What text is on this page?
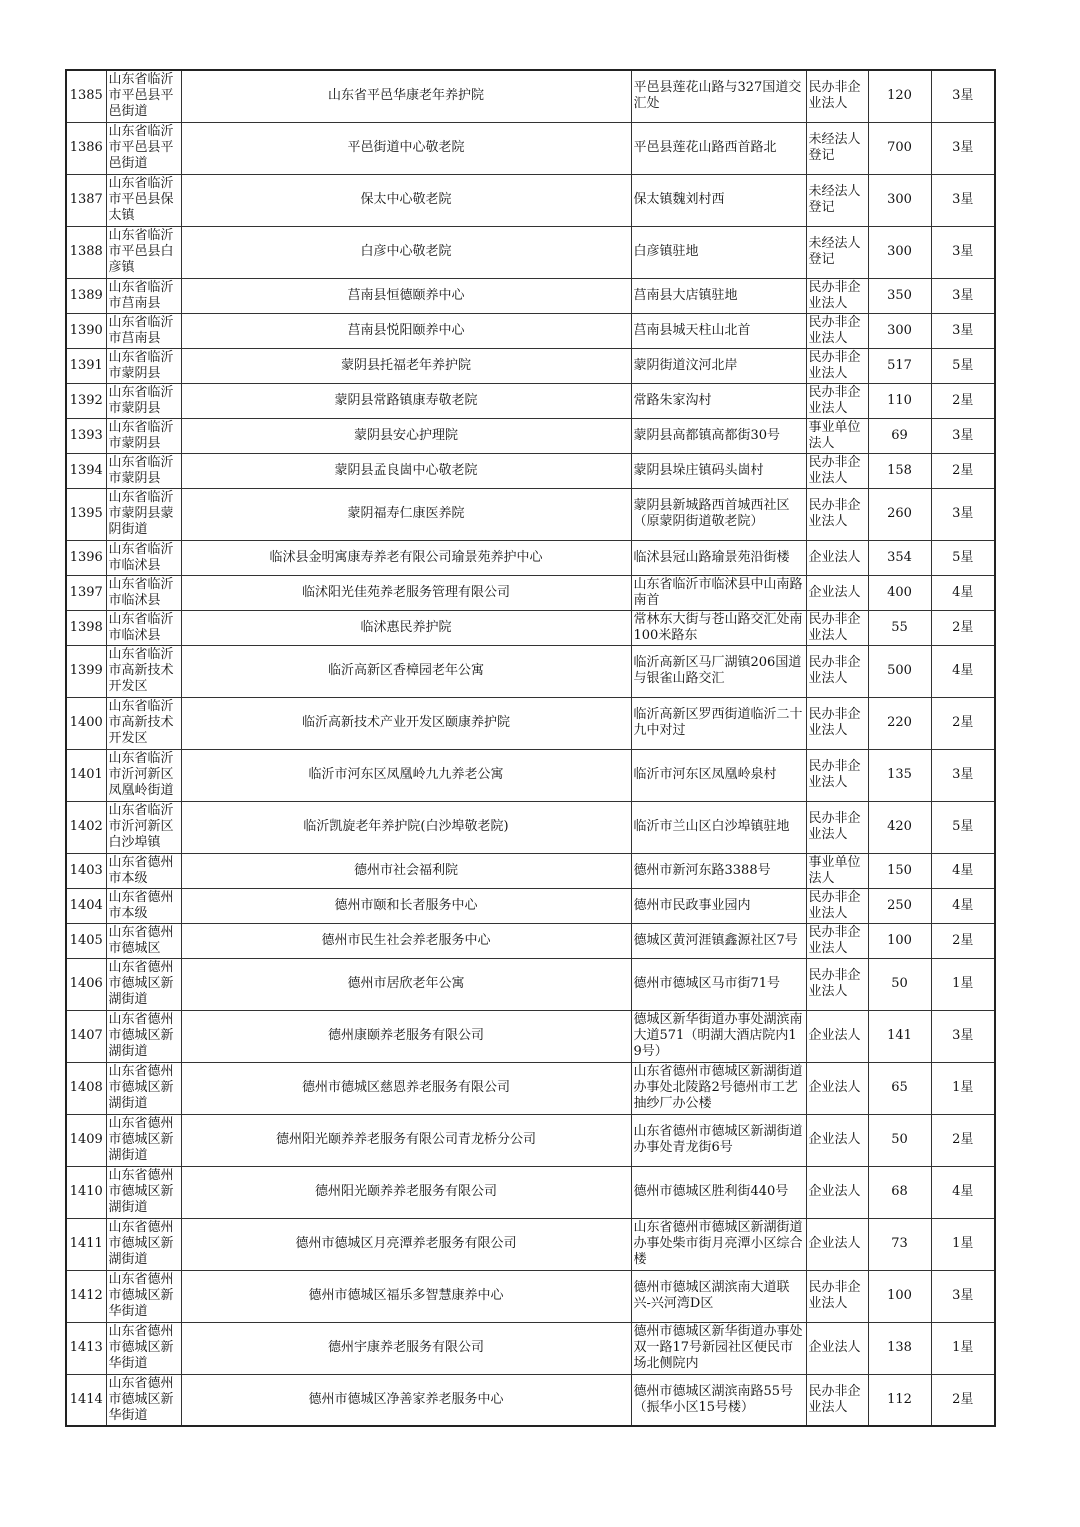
1385	山东省临沂市平邑县平邑街道	山东省平邑华康老年养护院	平邑县莲花山路与327国道交汇处	民办非企业法人	120	3星
1386	山东省临沂市平邑县平邑街道	平邑街道中心敬老院	平邑县莲花山路西首路北	未经法人登记	700	3星
1387	山东省临沂市平邑县保太镇	保太中心敬老院	保太镇魏刘村西	未经法人登记	300	3星
1388	山东省临沂市平邑县白彦镇	白彦中心敬老院	白彦镇驻地	未经法人登记	300	3星
1389	山东省临沂市莒南县	莒南县恒德颐养中心	莒南县大店镇驻地	民办非企业法人	350	3星
1390	山东省临沂市莒南县	莒南县悦阳颐养中心	莒南县城天柱山北首	民办非企业法人	300	3星
1391	山东省临沂市蒙阴县	蒙阴县托福老年养护院	蒙阴街道汶河北岸	民办非企业法人	517	5星
1392	山东省临沂市蒙阴县	蒙阴县常路镇康寿敬老院	常路朱家沟村	民办非企业法人	110	2星
1393	山东省临沂市蒙阴县	蒙阴县安心护理院	蒙阴县高都镇高都街30号	事业单位法人	69	3星
1394	山东省临沂市蒙阴县	蒙阴县孟良崮中心敬老院	蒙阴县垛庄镇码头崮村	民办非企业法人	158	2星
1395	山东省临沂市蒙阴县蒙阴街道	蒙阴福寿仁康医养院	蒙阴县新城路西首城西社区（原蒙阴街道敬老院）	民办非企业法人	260	3星
1396	山东省临沂市临沭县	临沭县金明寓康寿养老有限公司瑜景苑养护中心	临沭县冠山路瑜景苑沿街楼	企业法人	354	5星
1397	山东省临沂市临沭县	临沭阳光佳苑养老服务管理有限公司	山东省临沂市临沭县中山南路南首	企业法人	400	4星
1398	山东省临沂市临沭县	临沭惠民养护院	常林东大街与苍山路交汇处南100米路东	民办非企业法人	55	2星
1399	山东省临沂市高新技术开发区	临沂高新区香樟园老年公寓	临沂高新区马厂湖镇206国道与银雀山路交汇	民办非企业法人	500	4星
1400	山东省临沂市高新技术开发区	临沂高新技术产业开发区颐康养护院	临沂高新区罗西街道临沂二十九中对过	民办非企业法人	220	2星
1401	山东省临沂市沂河新区凤凰岭街道	临沂市河东区凤凰岭九九养老公寓	临沂市河东区凤凰岭泉村	民办非企业法人	135	3星
1402	山东省临沂市沂河新区白沙埠镇	临沂凯旋老年养护院(白沙埠敬老院)	临沂市兰山区白沙埠镇驻地	民办非企业法人	420	5星
1403	山东省德州市本级	德州市社会福利院	德州市新河东路3388号	事业单位法人	150	4星
1404	山东省德州市本级	德州市颐和长者服务中心	德州市民政事业园内	民办非企业法人	250	4星
1405	山东省德州市德城区	德州市民生社会养老服务中心	德城区黄河涯镇鑫源社区7号	民办非企业法人	100	2星
1406	山东省德州市德城区新湖街道	德州市居欣老年公寓	德州市德城区马市街71号	民办非企业法人	50	1星
1407	山东省德州市德城区新湖街道	德州康颐养老服务有限公司	德城区新华街道办事处湖滨南大道571（明湖大酒店院内19号）	企业法人	141	3星
1408	山东省德州市德城区新湖街道	德州市德城区慈恩养老服务有限公司	山东省德州市德城区新湖街道办事处北陵路2号德州市工艺抽纱厂办公楼	企业法人	65	1星
1409	山东省德州市德城区新湖街道	德州阳光颐养养老服务有限公司青龙桥分公司	山东省德州市德城区新湖街道办事处青龙街6号	企业法人	50	2星
1410	山东省德州市德城区新湖街道	德州阳光颐养养老服务有限公司	德州市德城区胜利街440号	企业法人	68	4星
1411	山东省德州市德城区新湖街道	德州市德城区月亮潭养老服务有限公司	山东省德州市德城区新湖街道办事处柴市街月亮潭小区综合楼	企业法人	73	1星
1412	山东省德州市德城区新华街道	德州市德城区福乐多智慧康养中心	德州市德城区湖滨南大道联兴-兴河湾D区	民办非企业法人	100	3星
1413	山东省德州市德城区新华街道	德州宇康养老服务有限公司	德州市德城区新华街道办事处双一路17号新园社区便民市场北侧院内	企业法人	138	1星
1414	山东省德州市德城区新华街道	德州市德城区净善家养老服务中心	德州市德城区湖滨南路55号（振华小区15号楼）	民办非企业法人	112	2星
